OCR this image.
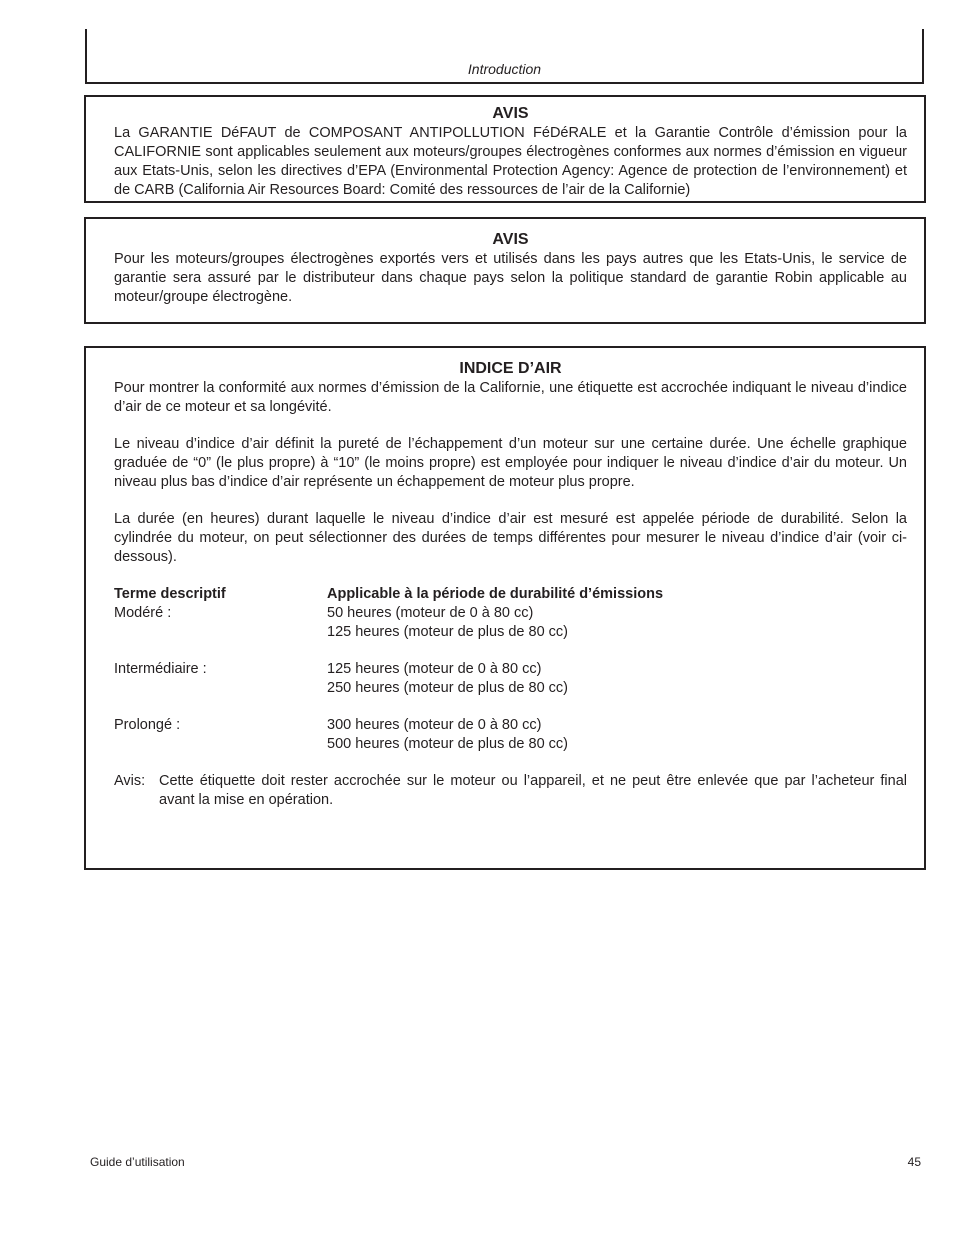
Introduction
AVIS

La GARANTIE DéFAUT de COMPOSANT ANTIPOLLUTION FéDéRALE et la Garantie Contrôle d’émission pour la CALIFORNIE sont applicables seulement aux moteurs/groupes électrogènes conformes aux normes d’émission en vigueur aux Etats-Unis, selon les directives d’EPA (Environmental Protection Agency: Agence de protection de l’environnement) et de CARB (California Air Resources Board: Comité des ressources de l’air de la Californie)

AVIS

Pour les moteurs/groupes électrogènes exportés vers et utilisés dans les pays autres que les Etats-Unis, le service de garantie sera assuré par le distributeur dans chaque pays selon la politique standard de garantie Robin applicable au moteur/groupe électrogène.

INDICE D’AIR

Pour montrer la conformité aux normes d’émission de la Californie, une étiquette est accrochée indiquant le niveau d’indice d’air de ce moteur et sa longévité.

Le niveau d’indice d’air définit la pureté de l’échappement d’un moteur sur une certaine durée. Une échelle graphique graduée de “0” (le plus propre) à “10” (le moins propre) est employée pour indiquer le niveau d’indice d’air du moteur. Un niveau plus bas d’indice d’air représente un échappement de moteur plus propre.

La durée (en heures) durant laquelle le niveau d’indice d’air est mesuré est appelée période de durabilité. Selon la cylindrée du moteur, on peut sélectionner des durées de temps différentes pour mesurer le niveau d’indice d’air (voir ci-dessous).

Terme descriptif	Applicable à la période de durabilité d’émissions
Modéré :	50 heures (moteur de 0 à 80 cc)
125 heures (moteur de plus de 80 cc)
Intermédiaire :	125 heures (moteur de 0 à 80 cc)
250 heures (moteur de plus de 80 cc)
Prolongé :	300 heures (moteur de 0 à 80 cc)
500 heures (moteur de plus de 80 cc)
Avis: Cette étiquette doit rester accrochée sur le moteur ou l’appareil, et ne peut être enlevée que par l’acheteur final avant la mise en opération.
Guide d’utilisation	45
